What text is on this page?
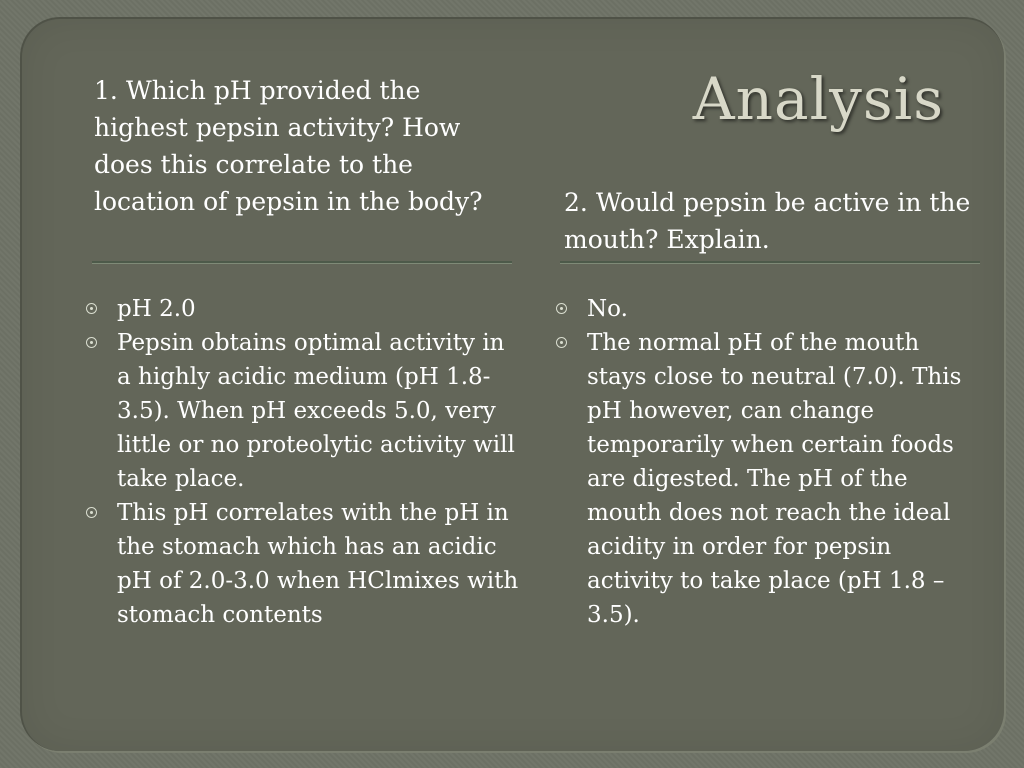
Analysis

1. Which pH provided the highest pepsin activity? How does this correlate to the location of pepsin in the body?	2. Would pepsin be active in the mouth? Explain.

pH 2.0
Pepsin obtains optimal activity in a highly acidic medium (pH 1.8-3.5). When pH exceeds 5.0, very little or no proteolytic activity will take place.
This pH correlates with the pH in the stomach which has an acidic pH of 2.0-3.0 when HClmixes with stomach contents
No.
The normal pH of the mouth stays close to neutral (7.0). This pH however, can change temporarily when certain foods are digested. The pH of the mouth does not reach the ideal acidity in order for pepsin activity to take place (pH 1.8 – 3.5).
